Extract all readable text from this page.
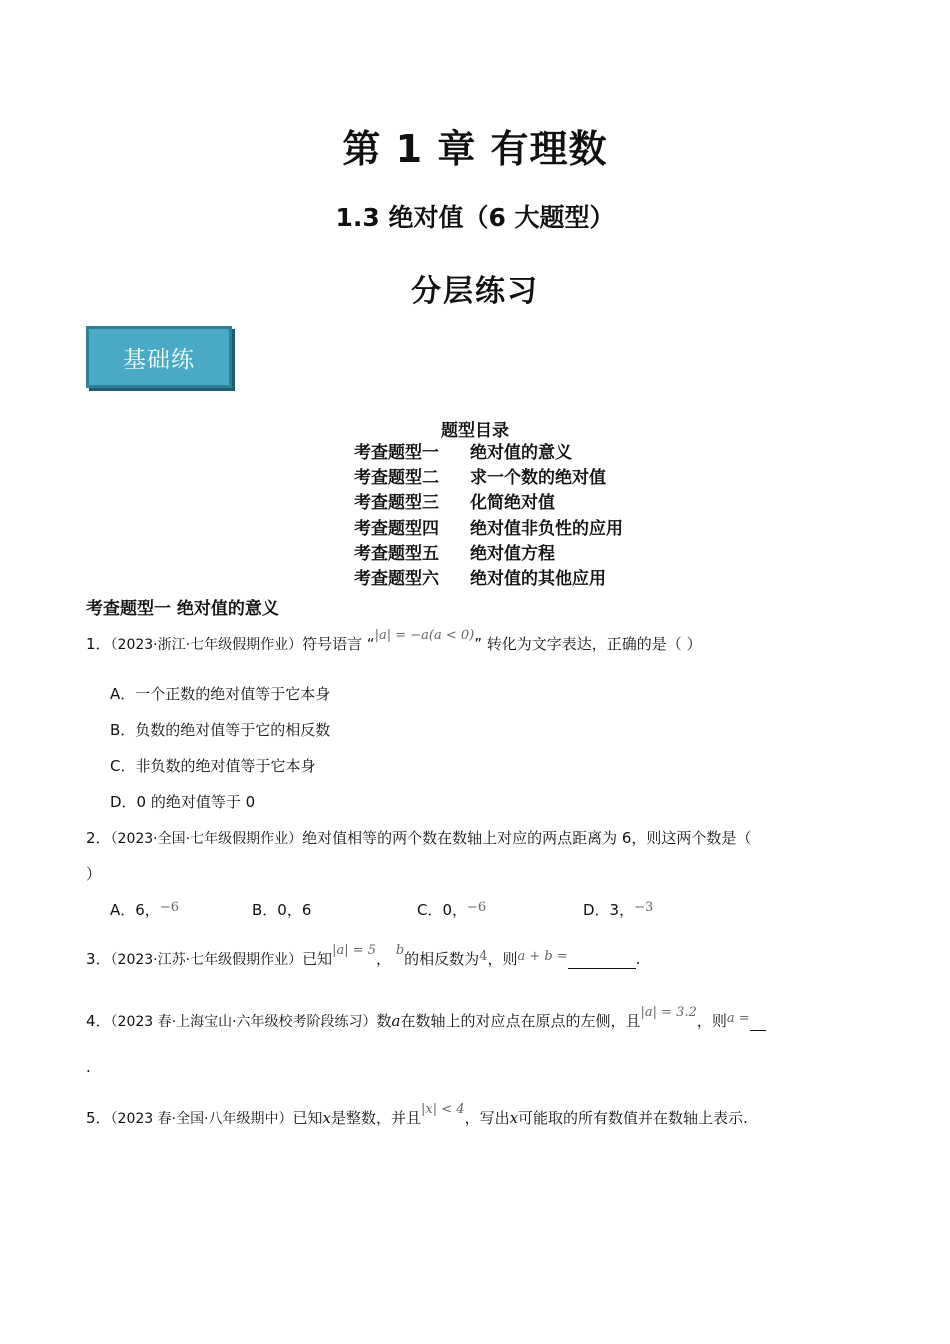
第 1 章 有理数
1.3 绝对值（6 大题型）
分层练习
基础练
题型目录
考查题型一 绝对值的意义
考查题型二 求一个数的绝对值
考查题型三 化简绝对值
考查题型四 绝对值非负性的应用
考查题型五 绝对值方程
考查题型六 绝对值的其他应用
考查题型一 绝对值的意义
1．（2023·浙江·七年级假期作业）符号语言 “|a| = −a(a < 0)” 转化为文字表达，正确的是（ ）
A．一个正数的绝对值等于它本身
B．负数的绝对值等于它的相反数
C．非负数的绝对值等于它本身
D．0 的绝对值等于 0
2．（2023·全国·七年级假期作业）绝对值相等的两个数在数轴上对应的两点距离为 6，则这两个数是（
）
A．6，−6	B．0，6	C．0，−6	D．3，−3
3．（2023·江苏·七年级假期作业）已知|a| = 5， b的相反数为4，则a + b =	.
4．（2023 春·上海宝山·六年级校考阶段练习）数a在数轴上的对应点在原点的左侧，且|a| = 3.2，则a =
.
5．（2023 春·全国·八年级期中）已知x是整数，并且|x| < 4，写出x可能取的所有数值并在数轴上表示.
